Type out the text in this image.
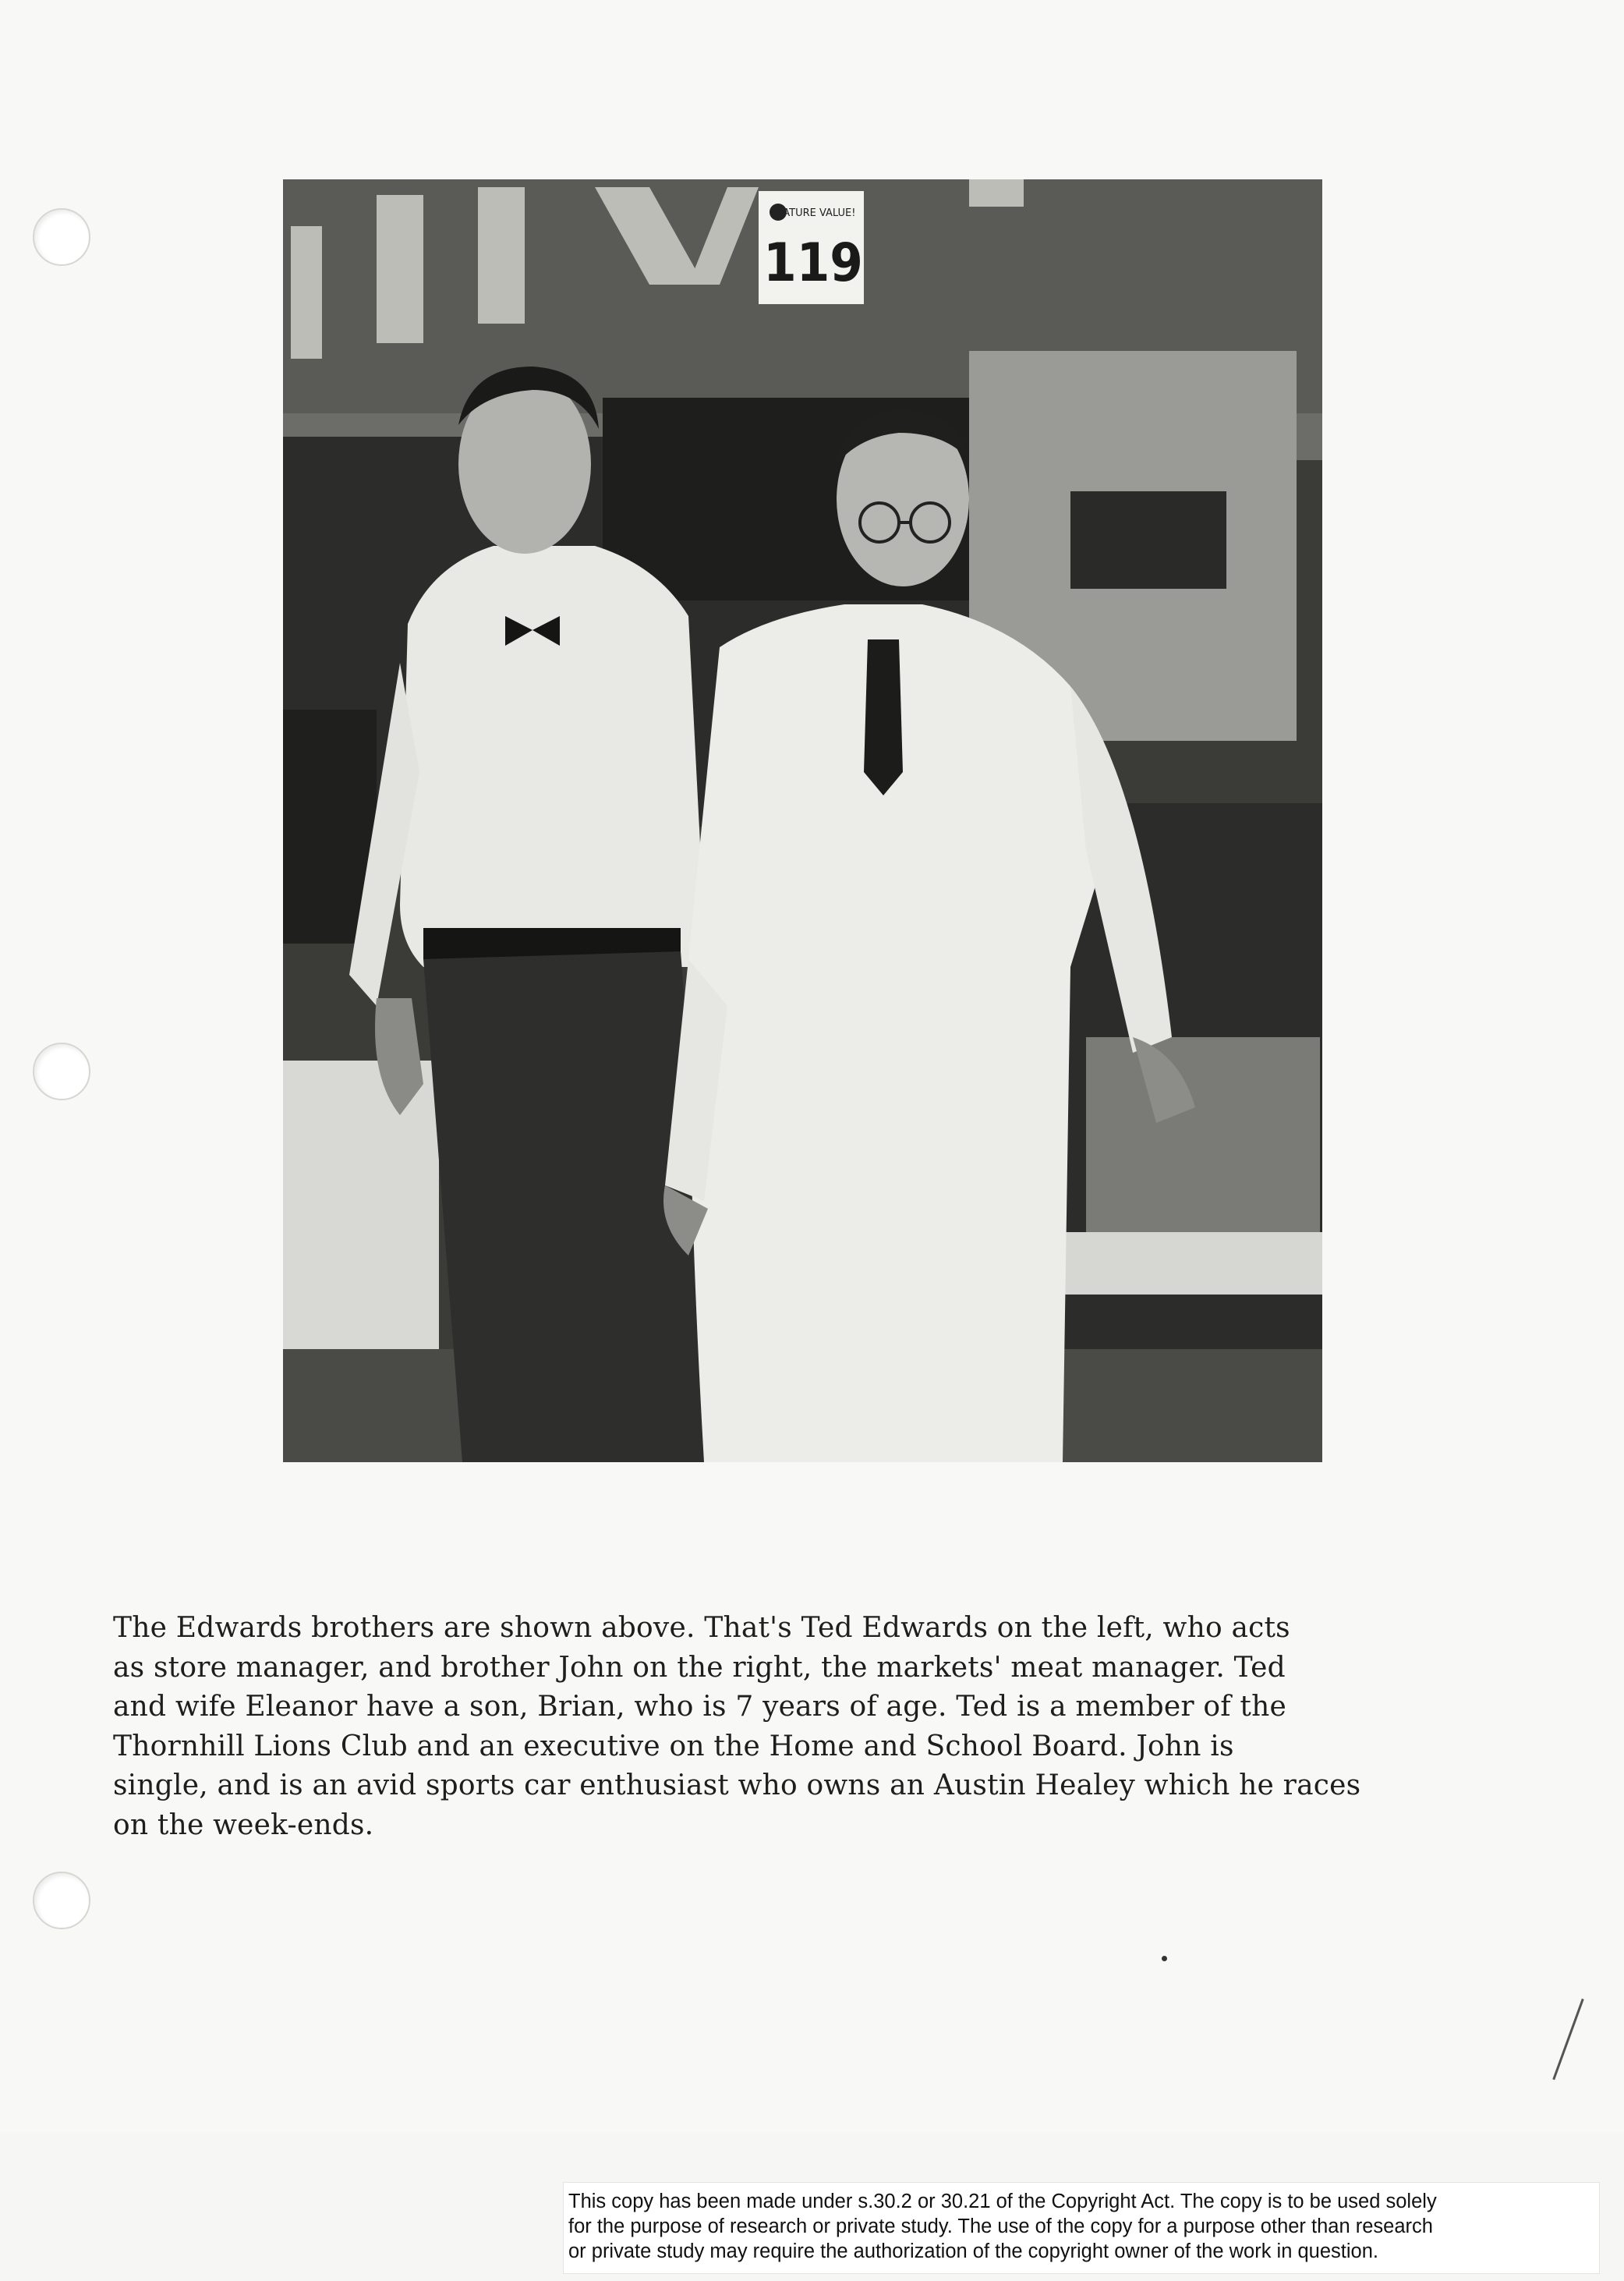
FEATURE VALUE!
119
The Edwards brothers are shown above. That's Ted Edwards on the left, who acts
as store manager, and brother John on the right, the markets' meat manager. Ted
and wife Eleanor have a son, Brian, who is 7 years of age. Ted is a member of the
Thornhill Lions Club and an executive on the Home and School Board. John is
single, and is an avid sports car enthusiast who owns an Austin Healey which he races
on the week-ends.
This copy has been made under s.30.2 or 30.21 of the Copyright Act. The copy is to be used solely
for the purpose of research or private study. The use of the copy for a purpose other than research
or private study may require the authorization of the copyright owner of the work in question.
